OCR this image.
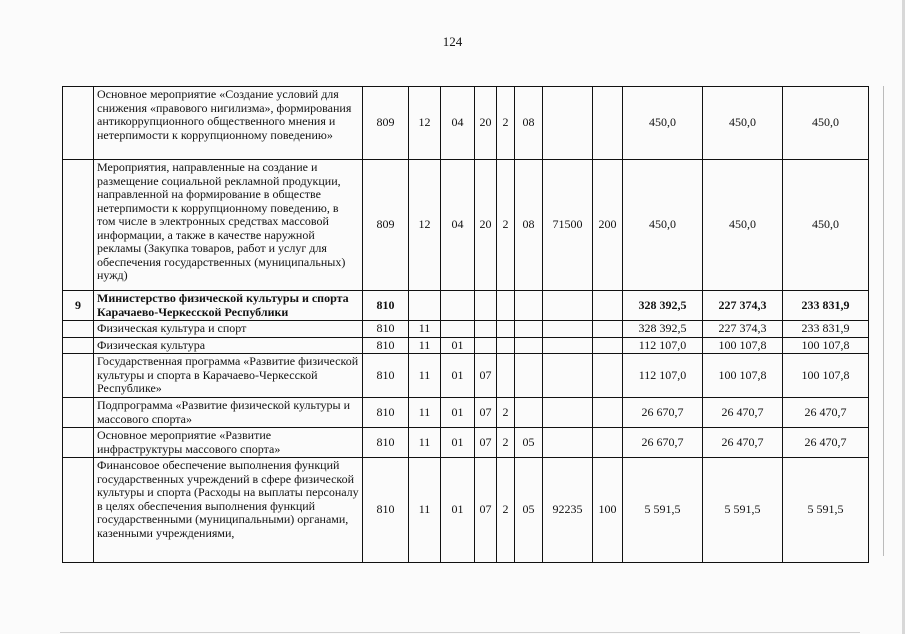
124
	Основное мероприятие «Создание условий для снижения «правового нигилизма», формирования антикоррупционного общественного мнения и нетерпимости к коррупционному поведению»	809	12	04	20	2	08			450,0	450,0	450,0
	Мероприятия, направленные на создание и размещение социальной рекламной продукции, направленной на формирование в обществе нетерпимости к коррупционному поведению, в том числе в электронных средствах массовой информации, а также в качестве наружной рекламы (Закупка товаров, работ и услуг для обеспечения государственных (муниципальных) нужд)	809	12	04	20	2	08	71500	200	450,0	450,0	450,0
9	Министерство физической культуры и спорта Карачаево-Черкесской Республики	810								328 392,5	227 374,3	233 831,9
	Физическая культура и спорт	810	11							328 392,5	227 374,3	233 831,9
	Физическая культура	810	11	01						112 107,0	100 107,8	100 107,8
	Государственная программа «Развитие физической культуры и спорта в Карачаево-Черкесской Республике»	810	11	01	07					112 107,0	100 107,8	100 107,8
	Подпрограмма «Развитие физической культуры и массового спорта»	810	11	01	07	2				26 670,7	26 470,7	26 470,7
	Основное мероприятие «Развитие инфраструктуры массового спорта»	810	11	01	07	2	05			26 670,7	26 470,7	26 470,7
	Финансовое обеспечение выполнения функций государственных учреждений в сфере физической культуры и спорта (Расходы на выплаты персоналу в целях обеспечения выполнения функций государственными (муниципальными) органами, казенными учреждениями,	810	11	01	07	2	05	92235	100	5 591,5	5 591,5	5 591,5
